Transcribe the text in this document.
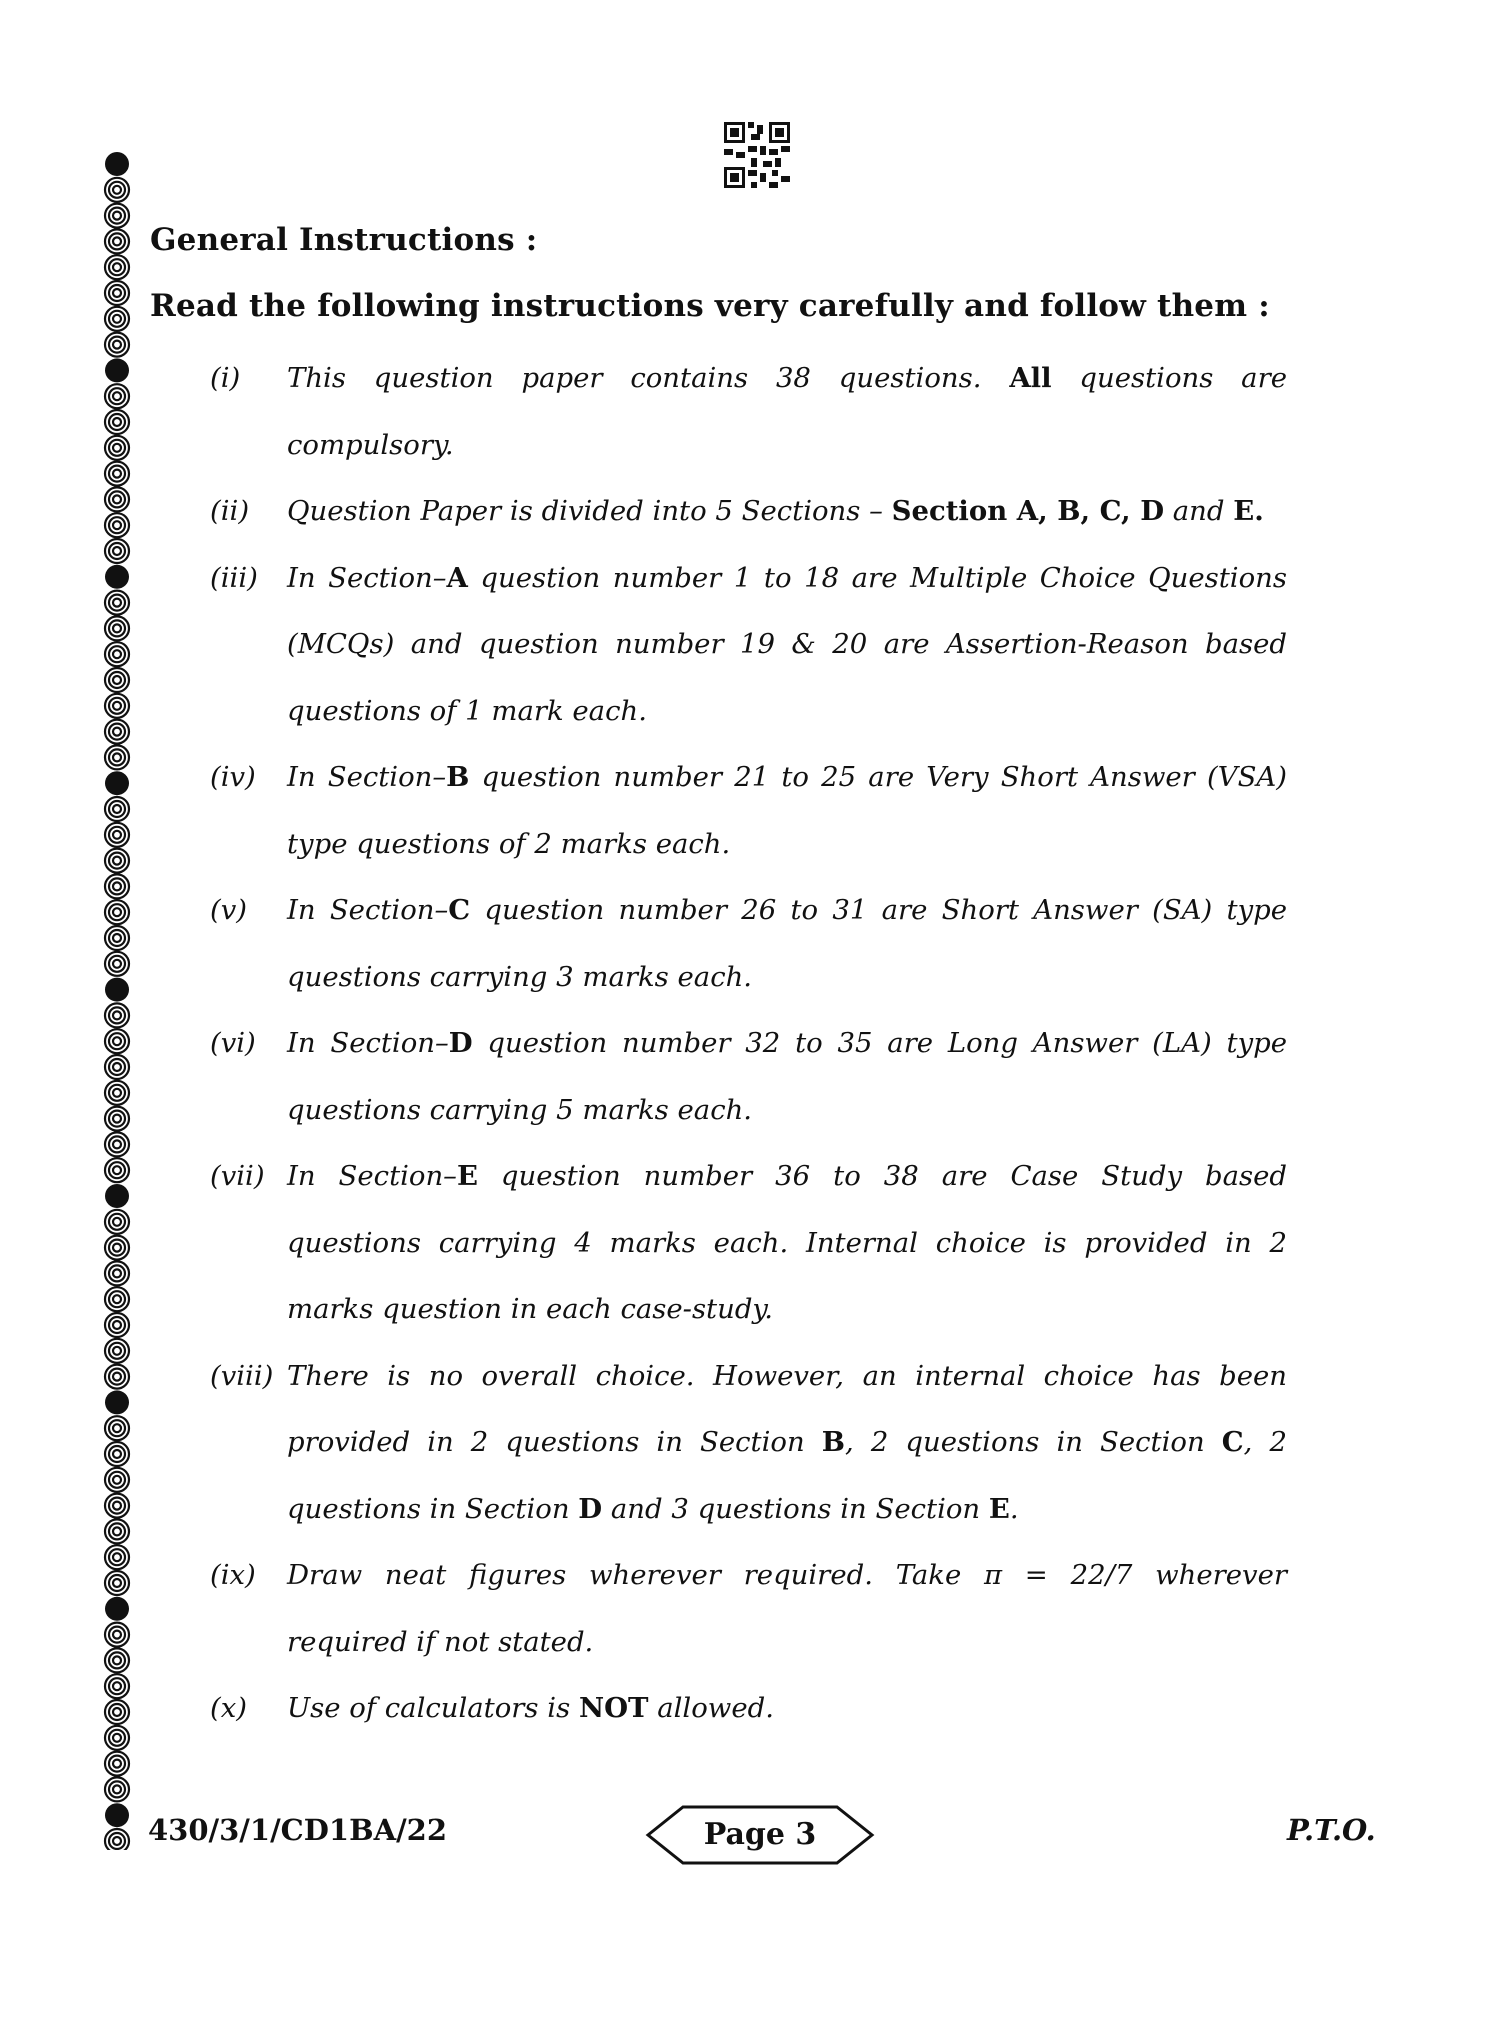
General Instructions :
Read the following instructions very carefully and follow them :
(i)	This question paper contains 38 questions. All questions are compulsory.
(ii)	Question Paper is divided into 5 Sections – Section A, B, C, D and E.
(iii)	In Section–A question number 1 to 18 are Multiple Choice Questions (MCQs) and question number 19 & 20 are Assertion-Reason based questions of 1 mark each.
(iv)	In Section–B question number 21 to 25 are Very Short Answer (VSA) type questions of 2 marks each.
(v)	In Section–C question number 26 to 31 are Short Answer (SA) type questions carrying 3 marks each.
(vi)	In Section–D question number 32 to 35 are Long Answer (LA) type questions carrying 5 marks each.
(vii) In Section–E question number 36 to 38 are Case Study based questions carrying 4 marks each. Internal choice is provided in 2 marks question in each case-study.
(viii) There is no overall choice. However, an internal choice has been provided in 2 questions in Section B, 2 questions in Section C, 2 questions in Section D and 3 questions in Section E.
(ix)	Draw neat figures wherever required. Take π = 22/7 wherever required if not stated.
(x)	Use of calculators is NOT allowed.
430/3/1/CD1BA/22	Page 3	P.T.O.
